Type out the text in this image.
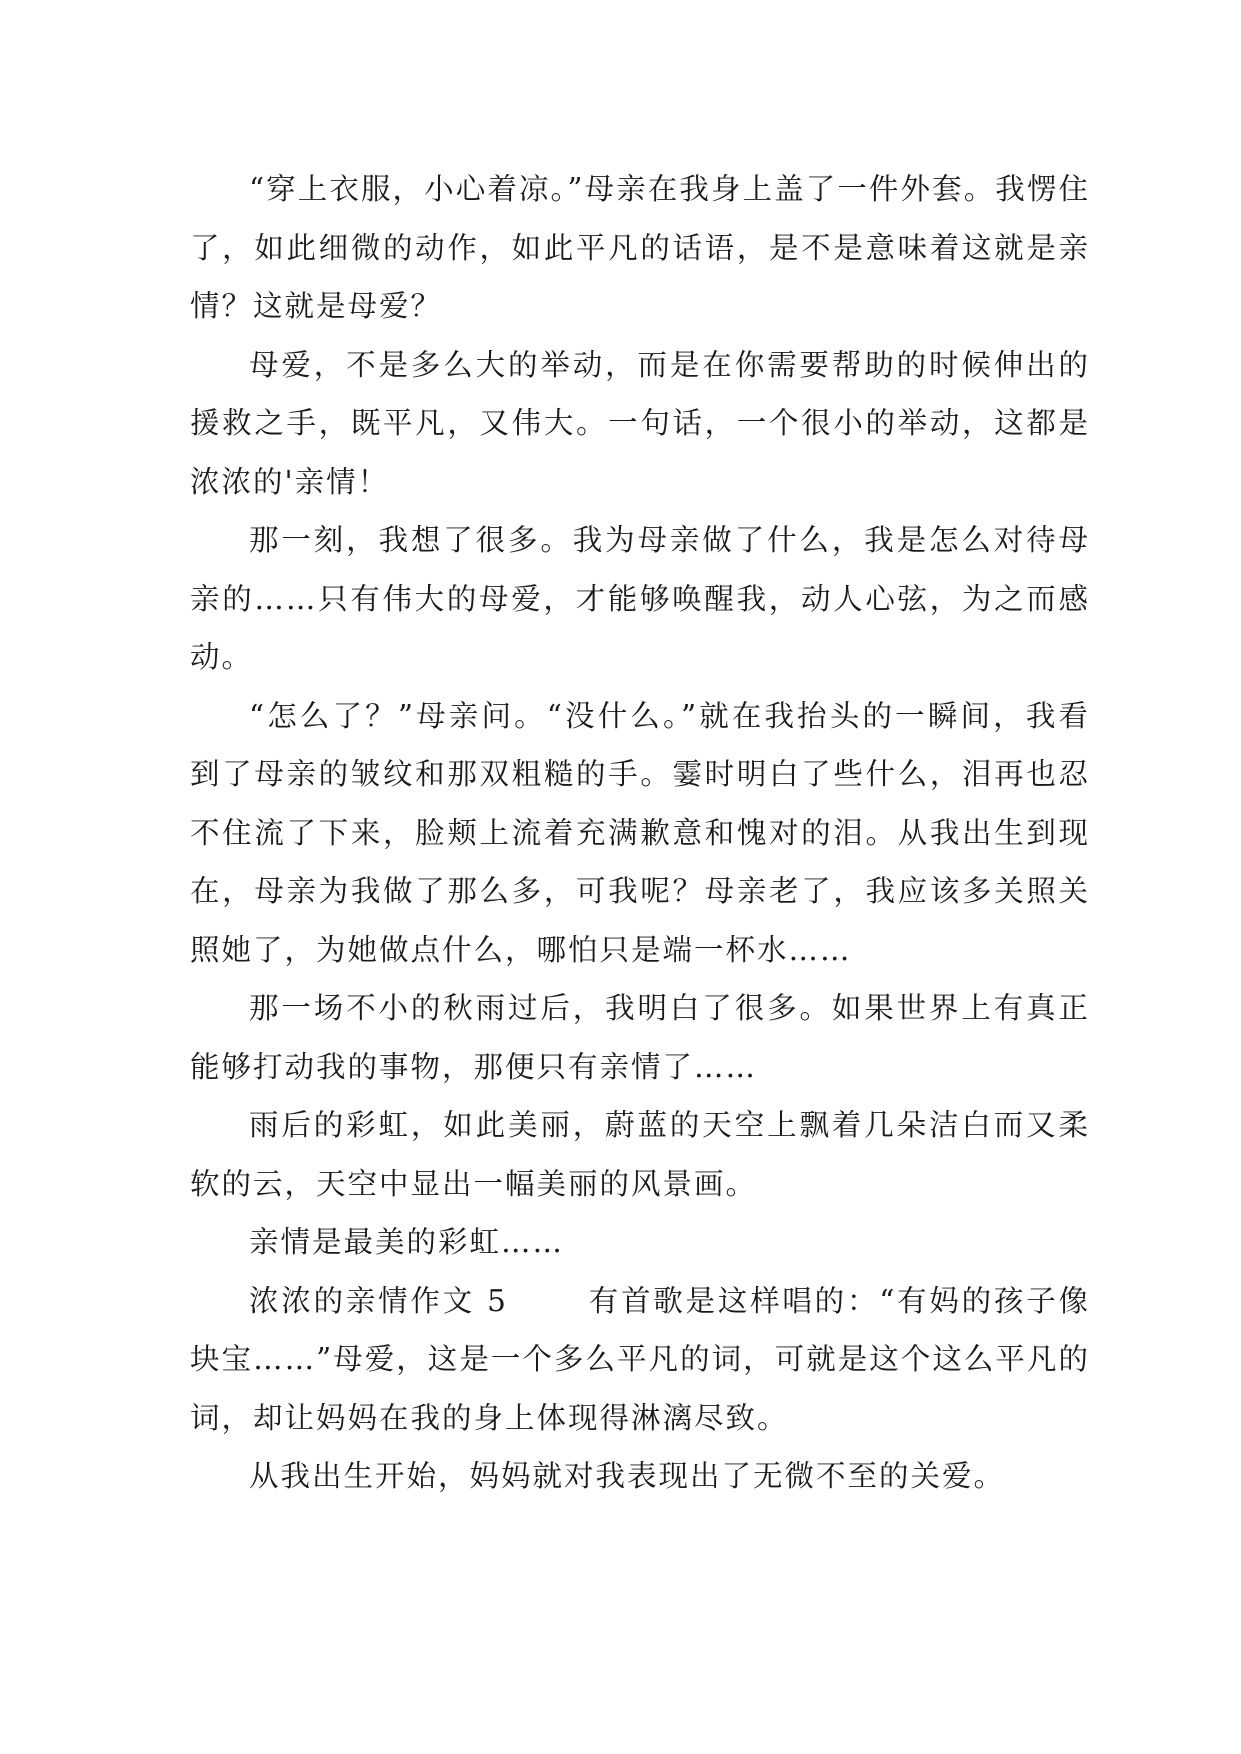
“穿上衣服，小心着凉。”母亲在我身上盖了一件外套。我愣住了，如此细微的动作，如此平凡的话语，是不是意味着这就是亲情？这就是母爱？

母爱，不是多么大的举动，而是在你需要帮助的时候伸出的援救之手，既平凡，又伟大。一句话，一个很小的举动，这都是浓浓的'亲情！

那一刻，我想了很多。我为母亲做了什么，我是怎么对待母亲的……只有伟大的母爱，才能够唤醒我，动人心弦，为之而感动。

“怎么了？”母亲问。“没什么。”就在我抬头的一瞬间，我看到了母亲的皱纹和那双粗糙的手。霎时明白了些什么，泪再也忍不住流了下来，脸颊上流着充满歉意和愧对的泪。从我出生到现在，母亲为我做了那么多，可我呢？母亲老了，我应该多关照关照她了，为她做点什么，哪怕只是端一杯水……

那一场不小的秋雨过后，我明白了很多。如果世界上有真正能够打动我的事物，那便只有亲情了……

雨后的彩虹，如此美丽，蔚蓝的天空上飘着几朵洁白而又柔软的云，天空中显出一幅美丽的风景画。

亲情是最美的彩虹……

浓浓的亲情作文 5	有首歌是这样唱的：“有妈的孩子像块宝……”母爱，这是一个多么平凡的词，可就是这个这么平凡的词，却让妈妈在我的身上体现得淋漓尽致。

从我出生开始，妈妈就对我表现出了无微不至的关爱。
